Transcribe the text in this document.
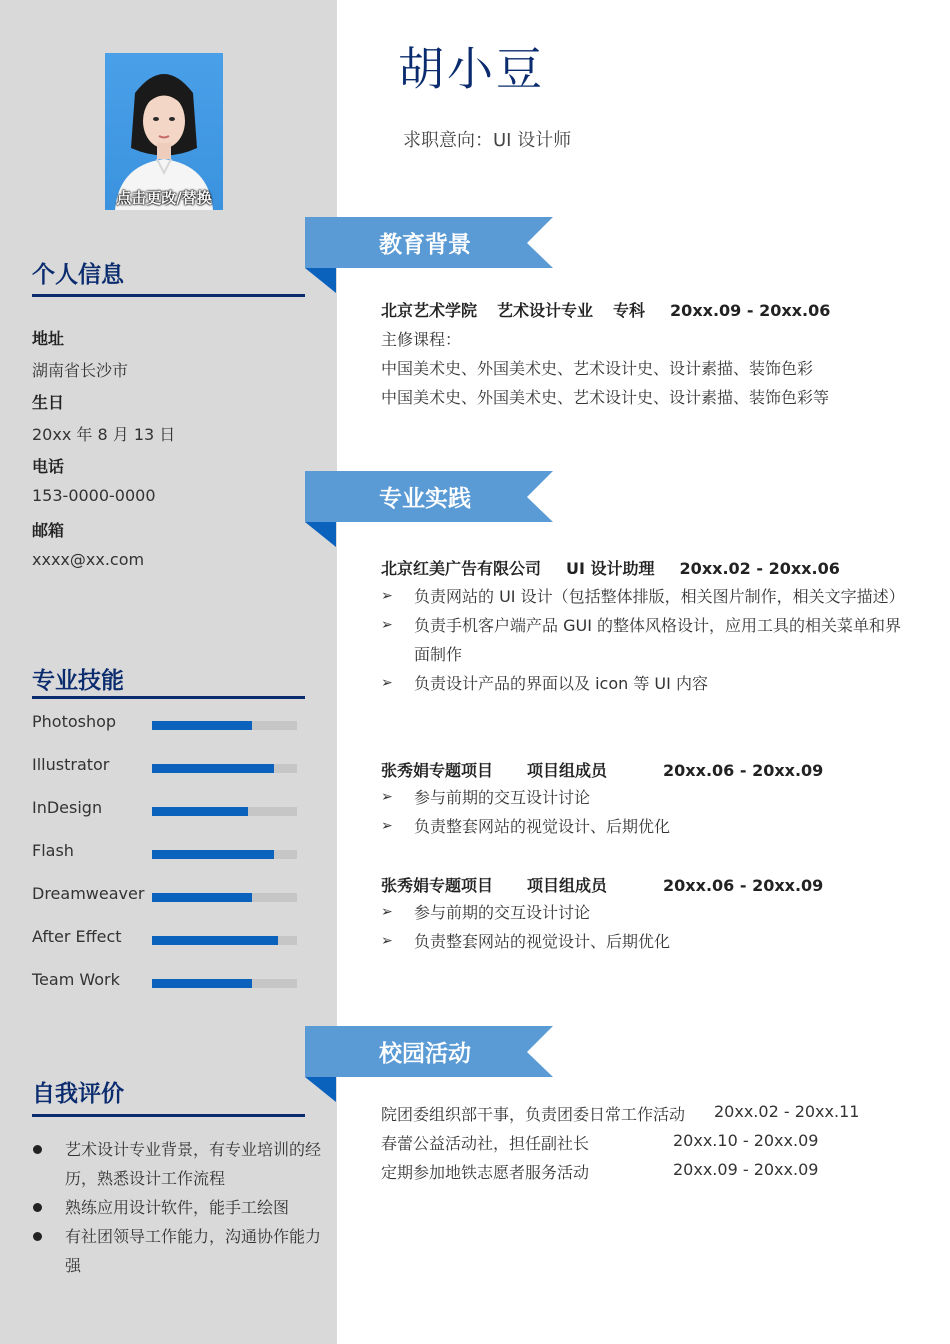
点击更改/替换
个人信息
地址
湖南省长沙市
生日
20xx 年 8 月 13 日
电话
153-0000-0000
邮箱
xxxx@xx.com
专业技能
Photoshop
Illustrator
InDesign
Flash
Dreamweaver
After Effect
Team Work
自我评价
艺术设计专业背景，有专业培训的经历，熟悉设计工作流程
熟练应用设计软件，能手工绘图
有社团领导工作能力，沟通协作能力强
胡小豆
求职意向：UI 设计师
教育背景
北京艺术学院 艺术设计专业 专科 20xx.09 - 20xx.06
主修课程：
中国美术史、外国美术史、艺术设计史、设计素描、装饰色彩
中国美术史、外国美术史、艺术设计史、设计素描、装饰色彩等
专业实践
北京红美广告有限公司 UI 设计助理 20xx.02 - 20xx.06
➢ 负责网站的 UI 设计（包括整体排版，相关图片制作，相关文字描述）
➢ 负责手机客户端产品 GUI 的整体风格设计，应用工具的相关菜单和界面制作
➢ 负责设计产品的界面以及 icon 等 UI 内容
张秀娟专题项目 项目组成员	20xx.06 - 20xx.09
➢ 参与前期的交互设计讨论
➢ 负责整套网站的视觉设计、后期优化
张秀娟专题项目 项目组成员	20xx.06 - 20xx.09
➢ 参与前期的交互设计讨论
➢ 负责整套网站的视觉设计、后期优化
校园活动
院团委组织部干事，负责团委日常工作活动 20xx.02 - 20xx.11
春蕾公益活动社，担任副社长	20xx.10 - 20xx.09
定期参加地铁志愿者服务活动	20xx.09 - 20xx.09
